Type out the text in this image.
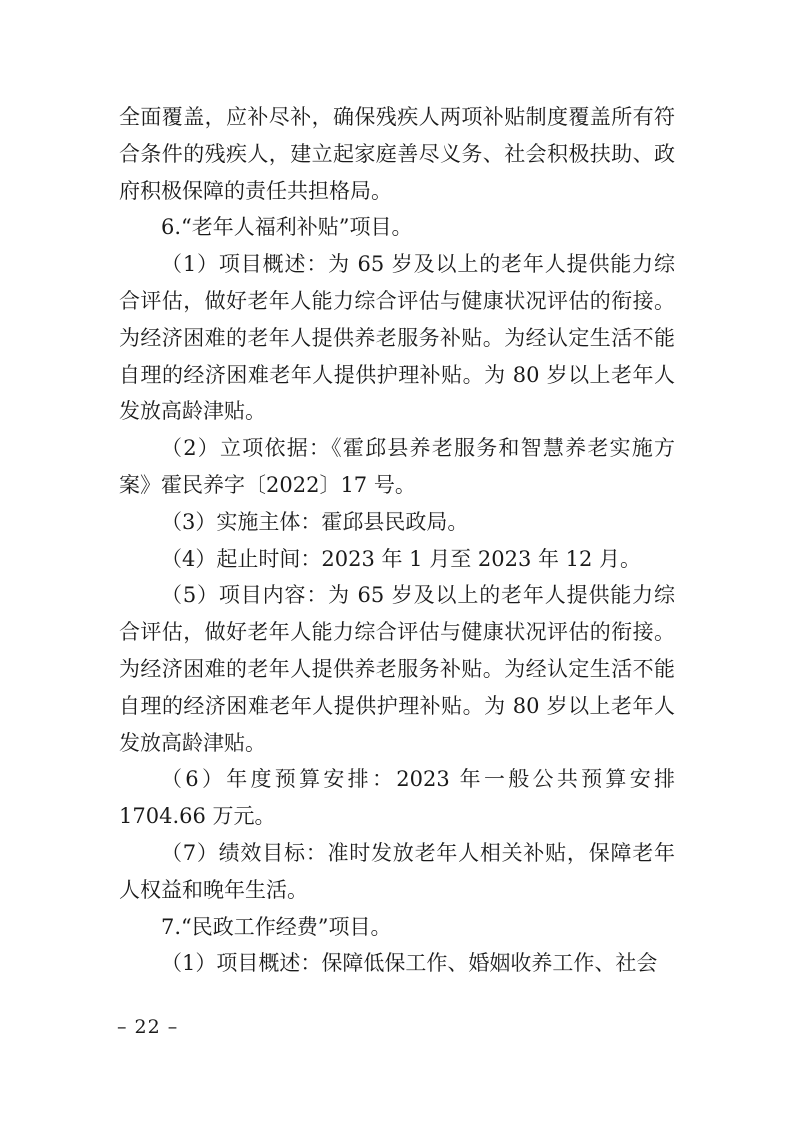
全面覆盖，应补尽补，确保残疾人两项补贴制度覆盖所有符合条件的残疾人，建立起家庭善尽义务、社会积极扶助、政府积极保障的责任共担格局。

6.“老年人福利补贴”项目。

（1）项目概述：为 65 岁及以上的老年人提供能力综合评估，做好老年人能力综合评估与健康状况评估的衔接。为经济困难的老年人提供养老服务补贴。为经认定生活不能自理的经济困难老年人提供护理补贴。为 80 岁以上老年人发放高龄津贴。

（2）立项依据：《霍邱县养老服务和智慧养老实施方案》霍民养字〔2022〕17 号。

（3）实施主体：霍邱县民政局。

（4）起止时间：2023 年 1 月至 2023 年 12 月。

（5）项目内容：为 65 岁及以上的老年人提供能力综合评估，做好老年人能力综合评估与健康状况评估的衔接。为经济困难的老年人提供养老服务补贴。为经认定生活不能自理的经济困难老年人提供护理补贴。为 80 岁以上老年人发放高龄津贴。

（6）年度预算安排：2023 年一般公共预算安排 1704.66 万元。

（7）绩效目标：准时发放老年人相关补贴，保障老年人权益和晚年生活。

7.“民政工作经费”项目。

（1）项目概述：保障低保工作、婚姻收养工作、社会

– 22 –
